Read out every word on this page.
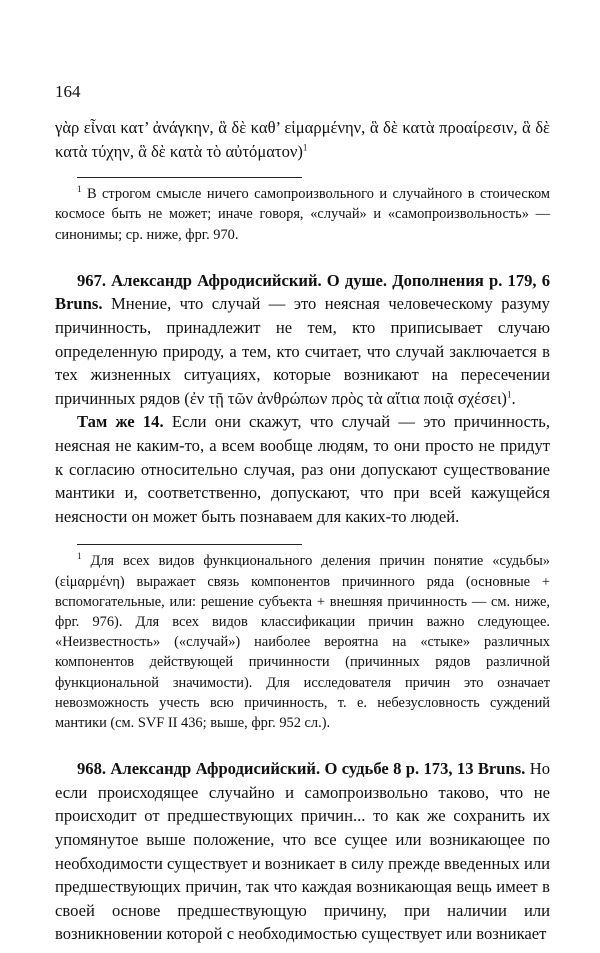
164

γὰρ εἶναι κατ’ ἀνάγκην, ἃ δὲ καθ’ εἱμαρμένην, ἃ δὲ κατὰ προαίρεσιν, ἃ δὲ κατὰ τύχην, ἃ δὲ κατὰ τὸ αὐτόματον)$^1$

$^1$ В строгом смысле ничего самопроизвольного и случайного в стоическом космосе быть не может; иначе говоря, «случай» и «самопроизвольность» — синонимы; ср. ниже, фрг. 970.

967. Александр Афродисийский. О душе. Дополнения р. 179, 6 Bruns. Мнение, что случай — это неясная человеческому разуму причинность, принадлежит не тем, кто приписывает случаю определенную природу, а тем, кто считает, что случай заключается в тех жизненных ситуациях, которые возникают на пересечении причинных рядов (ἐν τῇ τῶν ἀνθρώπων πρὸς τὰ αἴτια ποιᾷ σχέσει)$^1$.

Там же 14. Если они скажут, что случай — это причинность, неясная не каким-то, а всем вообще людям, то они просто не придут к согласию относительно случая, раз они допускают существование мантики и, соответственно, допускают, что при всей кажущейся неясности он может быть познаваем для каких-то людей.

$^1$ Для всех видов функционального деления причин понятие «судьбы» (εἱμαρμένη) выражает связь компонентов причинного ряда (основные + вспомогательные, или: решение субъекта + внешняя причинность — см. ниже, фрг. 976). Для всех видов классификации причин важно следующее. «Неизвестность» («случай») наиболее вероятна на «стыке» различных компонентов действующей причинности (причинных рядов различной функциональной значимости). Для исследователя причин это означает невозможность учесть всю причинность, т. е. небезусловность суждений мантики (см. SVF II 436; выше, фрг. 952 сл.).

968. Александр Афродисийский. О судьбе 8 р. 173, 13 Bruns. Но если происходящее случайно и самопроизвольно таково, что не происходит от предшествующих причин... то как же сохранить их упомянутое выше положение, что все сущее или возникающее по необходимости существует и возникает в силу прежде введенных или предшествующих причин, так что каждая возникающая вещь имеет в своей основе предшествующую причину, при наличии или возникновении которой с необходимостью существует или возникает
